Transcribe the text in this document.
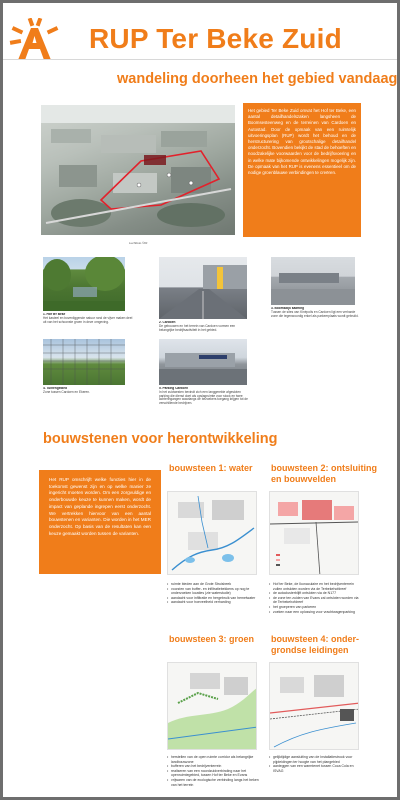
RUP Ter Beke Zuid
wandeling doorheen het gebied vandaag
Luchtfoto ©IR
Het gebied Ter Beke Zuid omvat het Hof ter Beke, een aantal detailhandelszaken langsheen de Boomsesteenweg en de terreinen van Cardoen en Autostad. Door de opmaak van een ruimtelijk uitvoeringsplan (RUP) wordt het behoud en de herstructurering van grootschalige detailhandel onderzocht. Bovendien bekijkt de stad de behoeften en noodzakelijke voorwaarden voor de bedrijfsvoering en in welke mate bijkomende ontwikkelingen mogelijk zijn. De opmaak van het RUP is evenens essentieel om de nodige groenblauwe verbindingen te creëren.
1. Hof ter Beke
Het kasteel en bovenliggende natuur rond de vijver maken deel uit van het schoonste groen in deze omgeving.	2. Cardoen
De gebouwen en het terrein van Cardoen vormen een belangrijke bedrijfsactiviteit in het gebied.
3. Boomsdijk kaarting
Tussen de sites van Kinépolis en Cardoen ligt een verharde zone die tegenwoordig enkel als parkeerplaats wordt gebruikt.
4. Tuinengebied
Zone tussen Cardoen en Ekeren.
5. Parking Cardoen
In het zuidwesten bevindt zich een langgerekte afgesloten parking die dienst doet als opslagruimte voor stock en twee achteringangen waarlangs de bezoekers toegang krijgen tot de verschillende bedrijven.
bouwstenen voor herontwikkeling
Het RUP omschrijft welke functies hier in de toekomst gewenst zijn en op welke manier ze ingericht moeten worden. Om een zorgvuldige en onderbouwde keuze te kunnen maken, wordt de impact van geplande ingrepen eerst onderzocht. We vertrekken hiervoor van een aantal bouwstenen en varianten. Die worden in het MER onderzocht. Op basis van de resultaten kan een keuze gemaakt worden tussen de varianten.
bouwsteen 1: water bouwsteen 2: ontsluiting
en bouwvelden
bouwsteen 3: groen bouwsteen 4: onder-
grondse leidingen
• ruimte bieden aan de Grote Struisbeek
• voorzien van buffer- en infiltratiebekkens op nog te onderzoeken locaties (zie waterstudie)
• aandacht voor infiltratie en hergebruik van hemelwater
• aandacht voor hoeveelheid verharding
• Hof ter Beke, de Ikonaculaire en het bedrijventerrein zullen ontsloten worden via de Terbekehofdreef
• de autoclusterblijft ontsloten via de N177
• de zone ten zuiden van Evans zal ontsloten worden via de Terbekehofdreef
• het groeperen van parkeren
• zoeken naar een oplossing voor vrachtwagenparking
• herstellen van de open ruimte corridor als belangrijke landbouwzone
• bufferen van het bedrijventerrein
• realiseren van een noordzuidverbinding naar het openruimtegebied, tussen Hof ter Beke en Evans
• vrijwaren van de ecologische verbinding langs het beken van het terrein
• gelijktijdige aansluiting van de Installatiestrook voor pijpleidingen ter hoogte van het plangebied
• aanleggen van een warmtenet tussen Coca Cola en ISVAG
